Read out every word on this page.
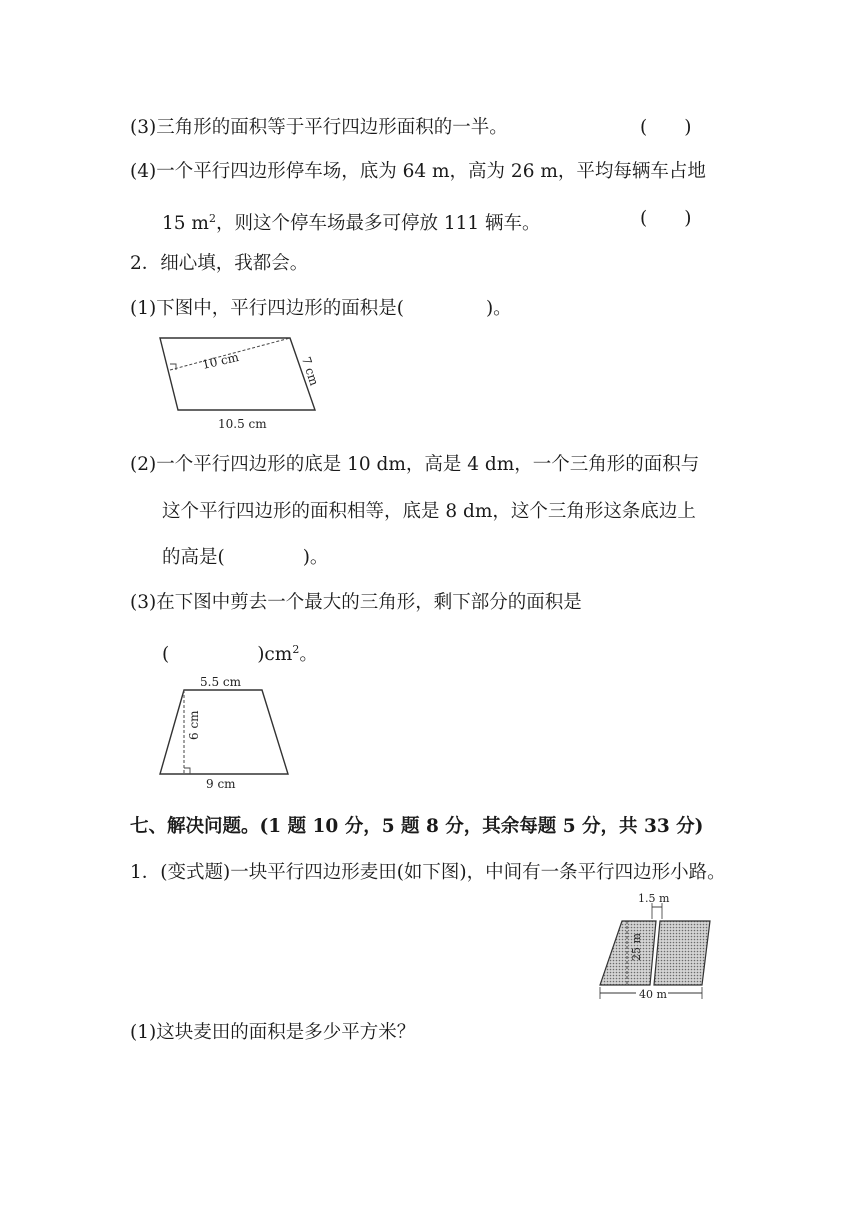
(3)三角形的面积等于平行四边形面积的一半。	(　　)
(4)一个平行四边形停车场，底为 64 m，高为 26 m，平均每辆车占地
15 $m^2$，则这个停车场最多可停放 111 辆车。	(　　)
2．细心填，我都会。
(1)下图中，平行四边形的面积是(	)。
10 cm	7 cm
10.5 cm
(2)一个平行四边形的底是 10 dm，高是 4 dm，一个三角形的面积与
这个平行四边形的面积相等，底是 8 dm，这个三角形这条底边上
的高是(	)。
(3)在下图中剪去一个最大的三角形，剩下部分的面积是
(	)$cm^2$。
5.5 cm
6 cm
9 cm
七、解决问题。(1 题 10 分，5 题 8 分，其余每题 5 分，共 33 分)
1．(变式题)一块平行四边形麦田(如下图)，中间有一条平行四边形小路。
1.5 m
25 m
40 m
(1)这块麦田的面积是多少平方米？
